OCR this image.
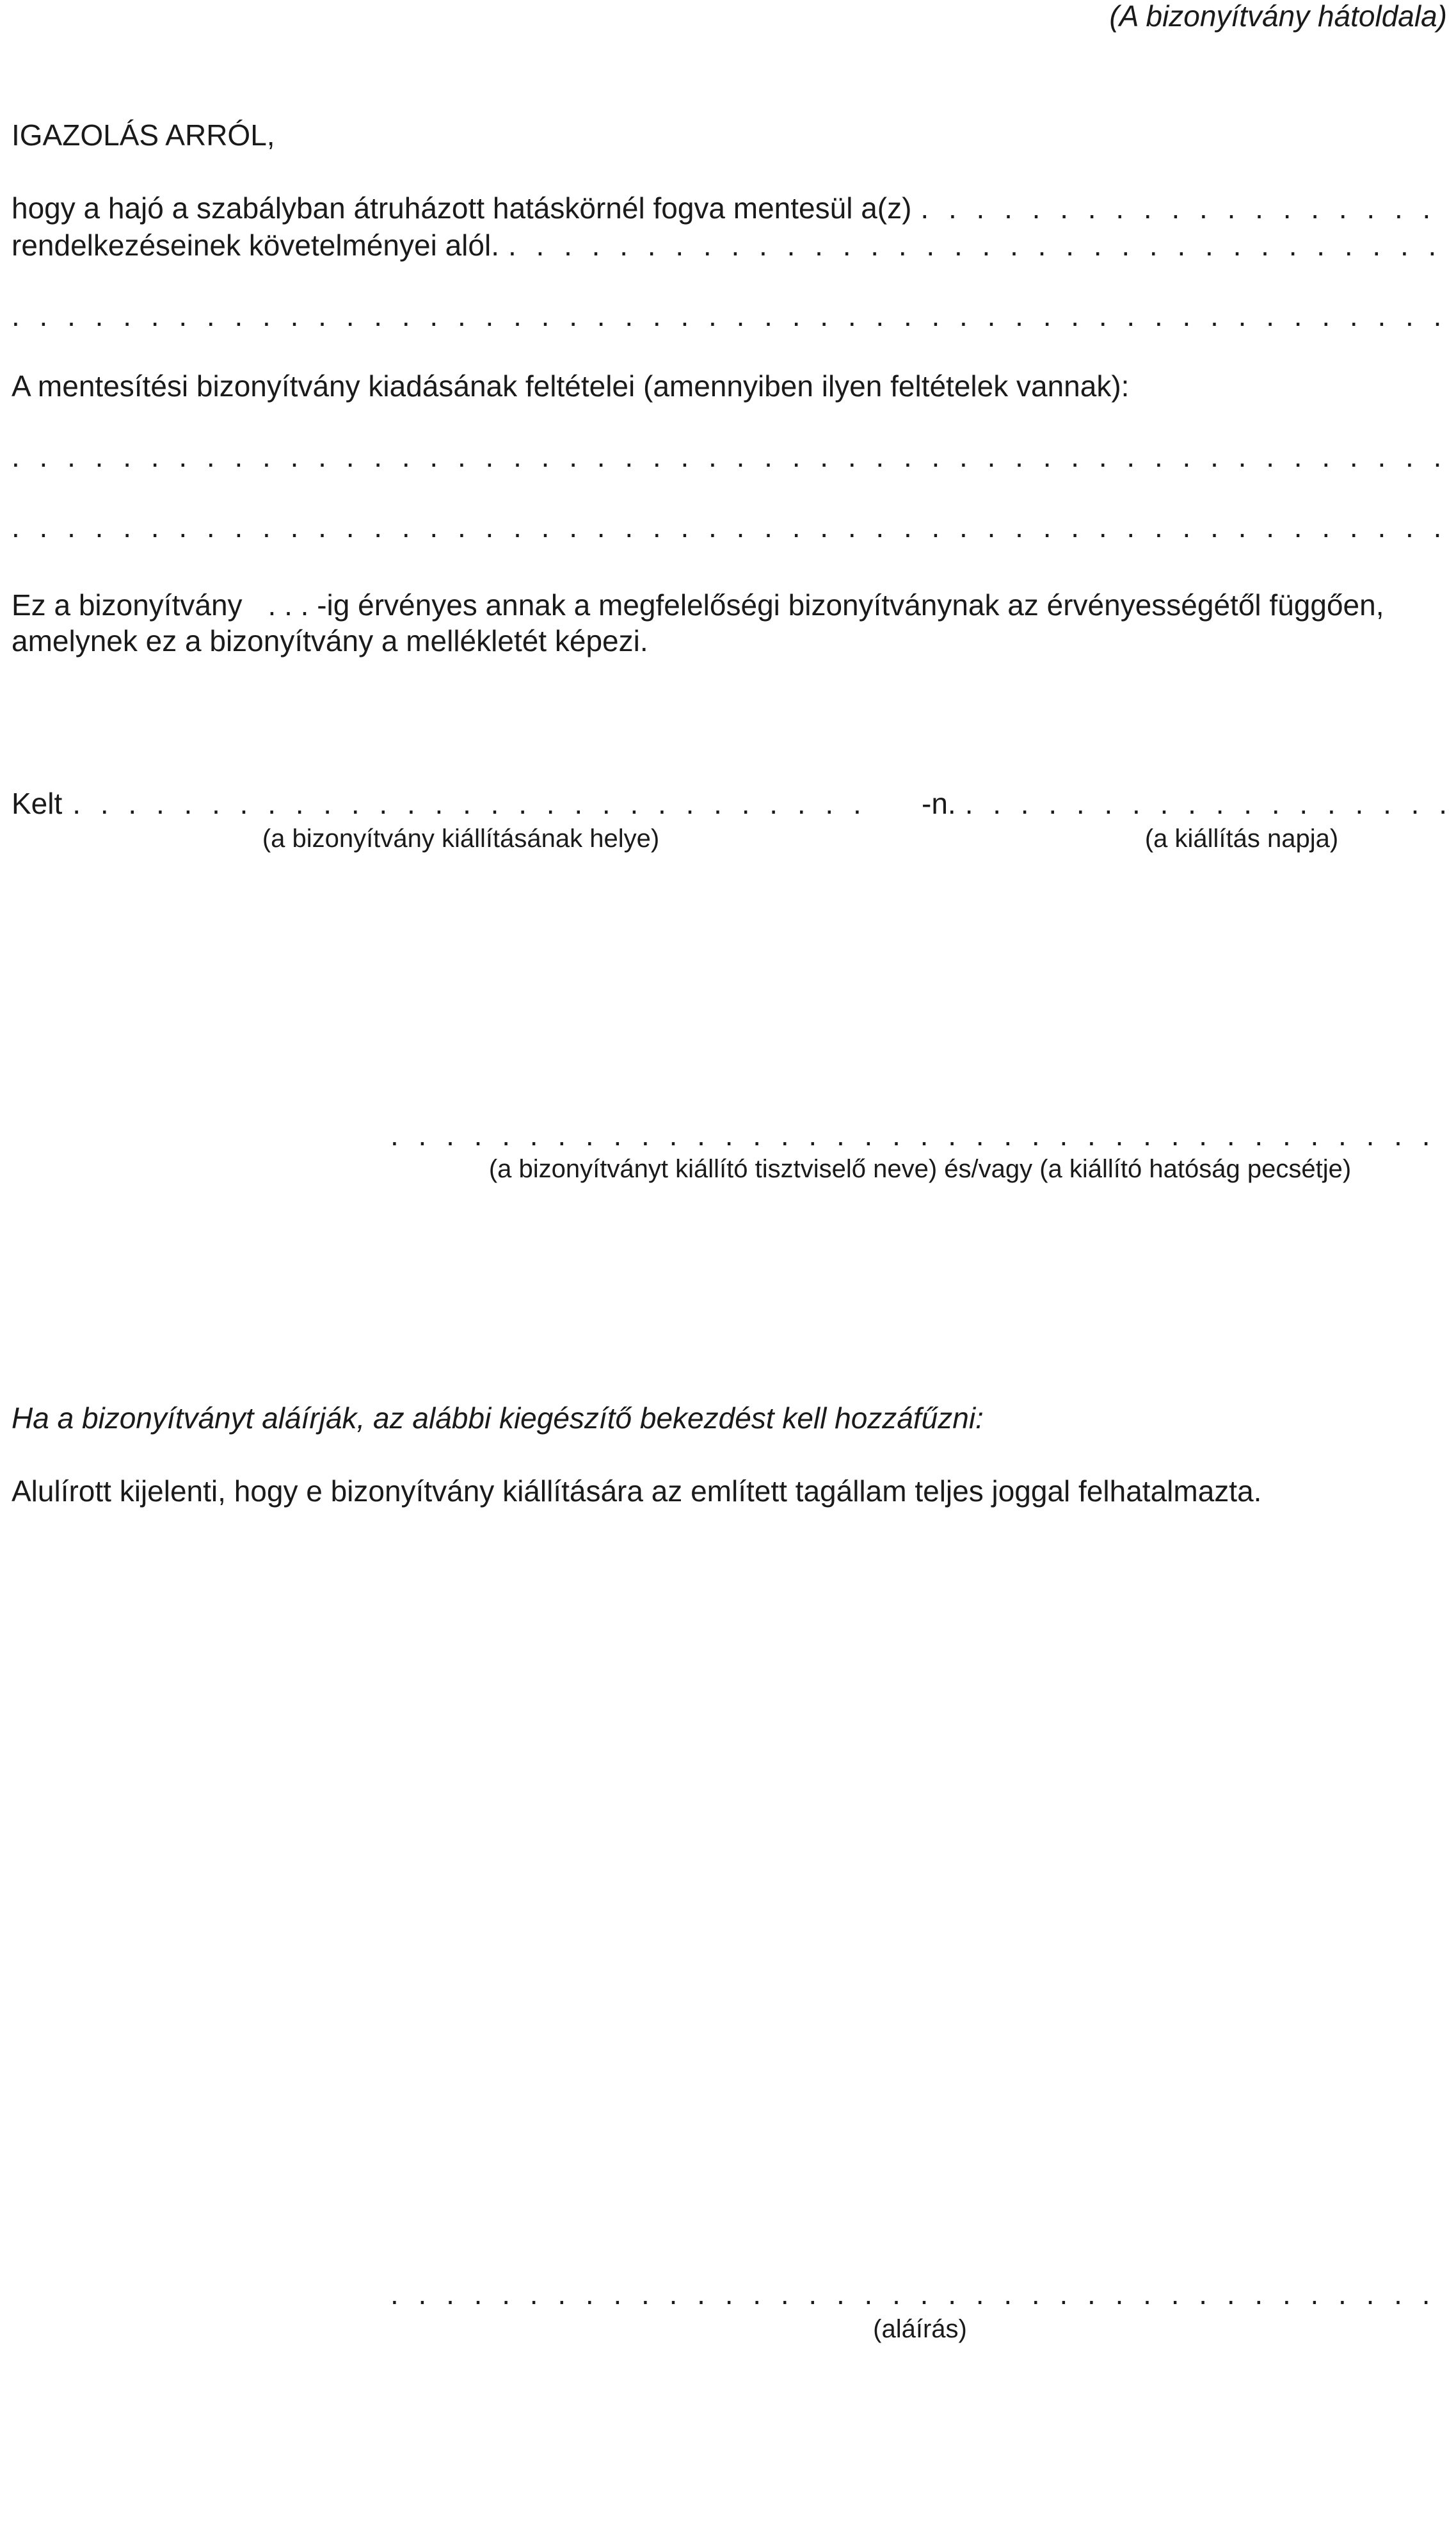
(A bizonyítvány hátoldala)
IGAZOLÁS ARRÓL,
hogy a hajó a szabályban átruházott hatáskörnél fogva mentesül a(z)
. . .
rendelkezéseinek követelményei alól.
. . .
. . .
A mentesítési bizonyítvány kiadásának feltételei (amennyiben ilyen feltételek vannak):
. . .
. . .
Ez a bizonyítvány . . . -ig érvényes annak a megfelelőségi bizonyítványnak az érvényességétől függően,
amelynek ez a bizonyítvány a mellékletét képezi.
Kelt
. . .	-n.
. . .
(a bizonyítvány kiállításának helye)	(a kiállítás napja)
. . .
(a bizonyítványt kiállító tisztviselő neve) és/vagy (a kiállító hatóság pecsétje)
Ha a bizonyítványt aláírják, az alábbi kiegészítő bekezdést kell hozzáfűzni:
Alulírott kijelenti, hogy e bizonyítvány kiállítására az említett tagállam teljes joggal felhatalmazta.
. . .
(aláírás)
